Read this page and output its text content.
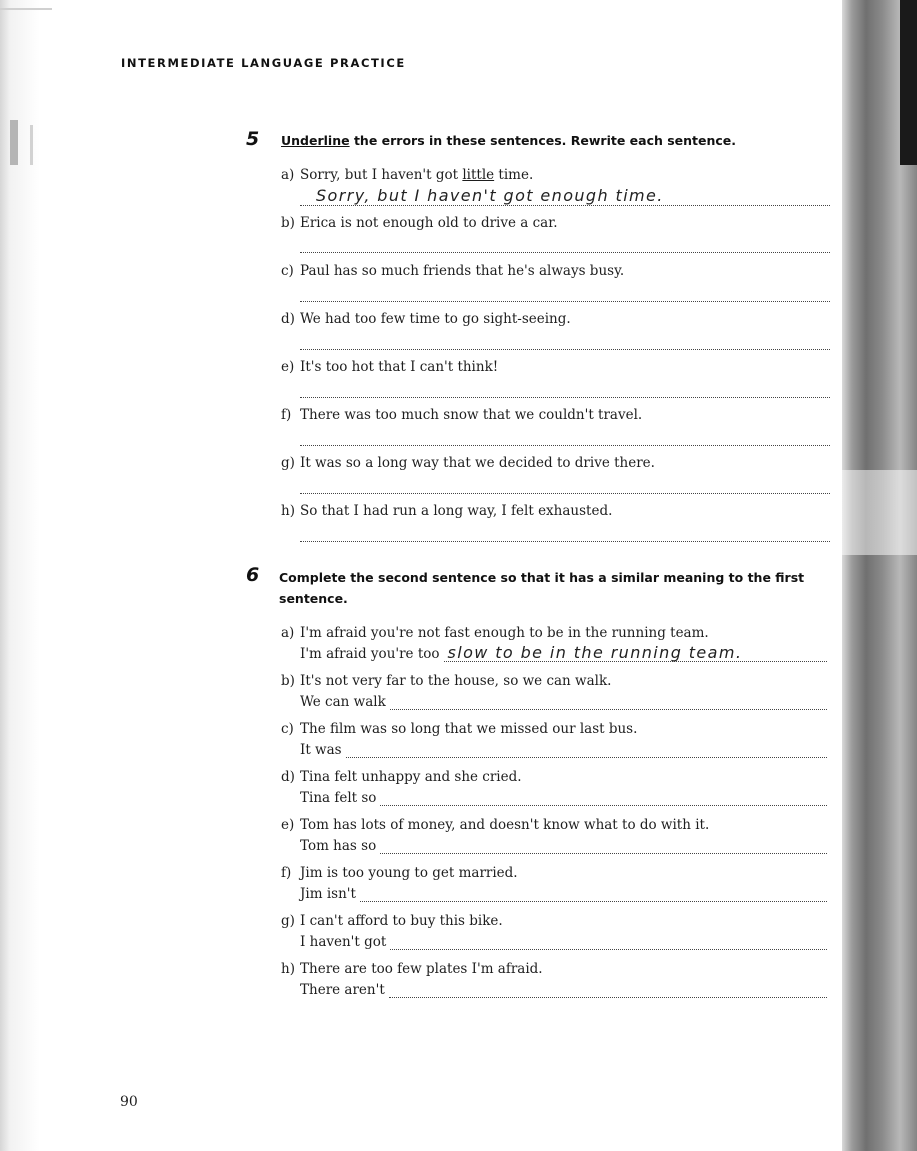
INTERMEDIATE LANGUAGE PRACTICE
5 Underline the errors in these sentences. Rewrite each sentence.
a) Sorry, but I haven't got little time.
Sorry, but I haven't got enough time.
b) Erica is not enough old to drive a car.
c) Paul has so much friends that he's always busy.
d) We had too few time to go sight-seeing.
e) It's too hot that I can't think!
f) There was too much snow that we couldn't travel.
g) It was so a long way that we decided to drive there.
h) So that I had run a long way, I felt exhausted.
6 Complete the second sentence so that it has a similar meaning to the first
sentence.
a) I'm afraid you're not fast enough to be in the running team.
I'm afraid you're too slow to be in the running team.
b) It's not very far to the house, so we can walk.
We can walk
c) The film was so long that we missed our last bus.
It was
d) Tina felt unhappy and she cried.
Tina felt so
e) Tom has lots of money, and doesn't know what to do with it.
Tom has so
f) Jim is too young to get married.
Jim isn't
g) I can't afford to buy this bike.
I haven't got
h) There are too few plates I'm afraid.
There aren't
90
